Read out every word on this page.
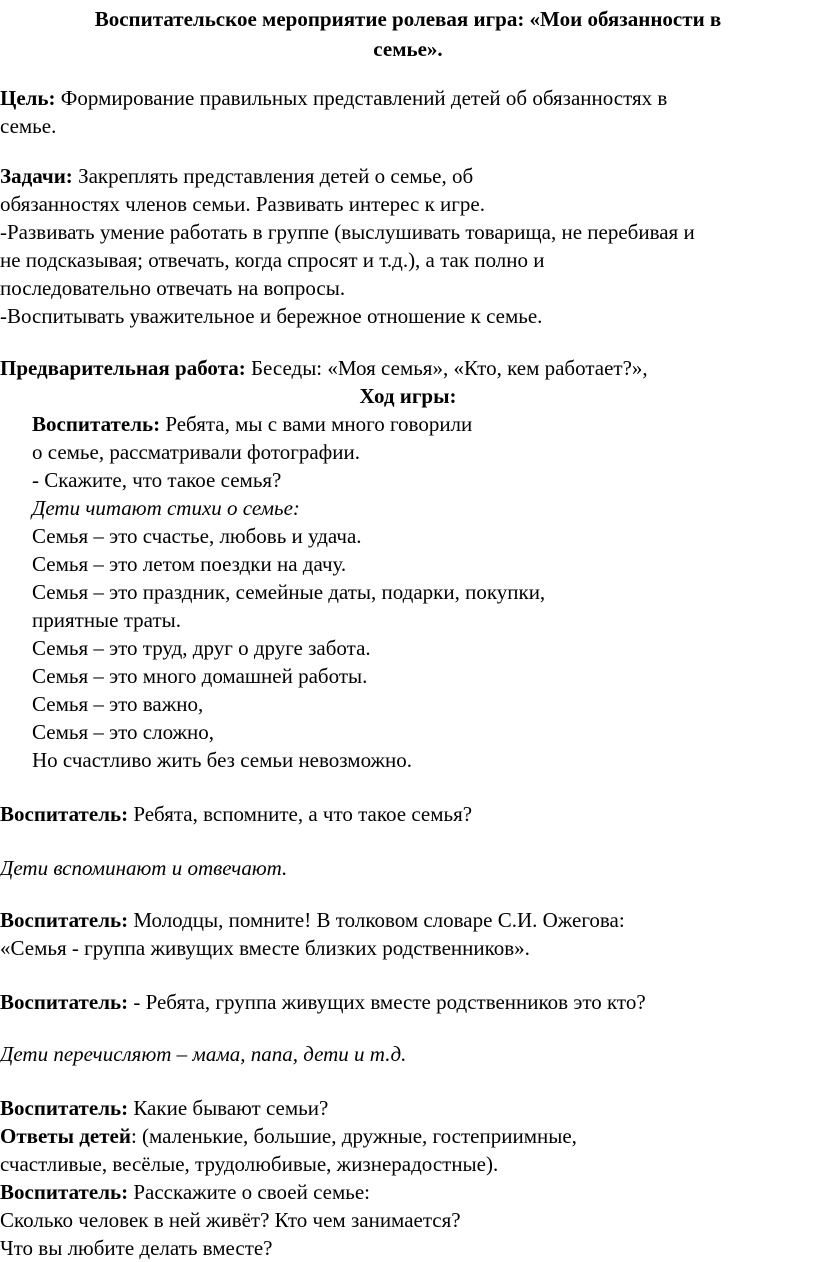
Воспитательское мероприятие ролевая игра: «Мои обязанности в
семье».
Цель: Формирование правильных представлений детей об обязанностях в
семье.
Задачи: Закреплять представления детей о семье, об
обязанностях членов семьи. Развивать интерес к игре.
-Развивать умение работать в группе (выслушивать товарища, не перебивая и
не подсказывая; отвечать, когда спросят и т.д.), а так полно и
последовательно отвечать на вопросы.
-Воспитывать уважительное и бережное отношение к семье.
Предварительная работа: Беседы: «Моя семья», «Кто, кем работает?»,
Ход игры:
Воспитатель: Ребята, мы с вами много говорили
о семье, рассматривали фотографии.
- Скажите, что такое семья?
Дети читают стихи о семье:
Семья – это счастье, любовь и удача.
Семья – это летом поездки на дачу.
Семья – это праздник, семейные даты, подарки, покупки,
приятные траты.
Семья – это труд, друг о друге забота.
Семья – это много домашней работы.
Семья – это важно,
Семья – это сложно,
Но счастливо жить без семьи невозможно.
Воспитатель: Ребята, вспомните, а что такое семья?
Дети вспоминают и отвечают.
Воспитатель: Молодцы, помните! В толковом словаре С.И. Ожегова:
«Семья - группа живущих вместе близких родственников».
Воспитатель: - Ребята, группа живущих вместе родственников это кто?
Дети перечисляют – мама, папа, дети и т.д.
Воспитатель: Какие бывают семьи?
Ответы детей: (маленькие, большие, дружные, гостеприимные,
счастливые, весёлые, трудолюбивые, жизнерадостные).
Воспитатель: Расскажите о своей семье:
Сколько человек в ней живёт? Кто чем занимается?
Что вы любите делать вместе?
